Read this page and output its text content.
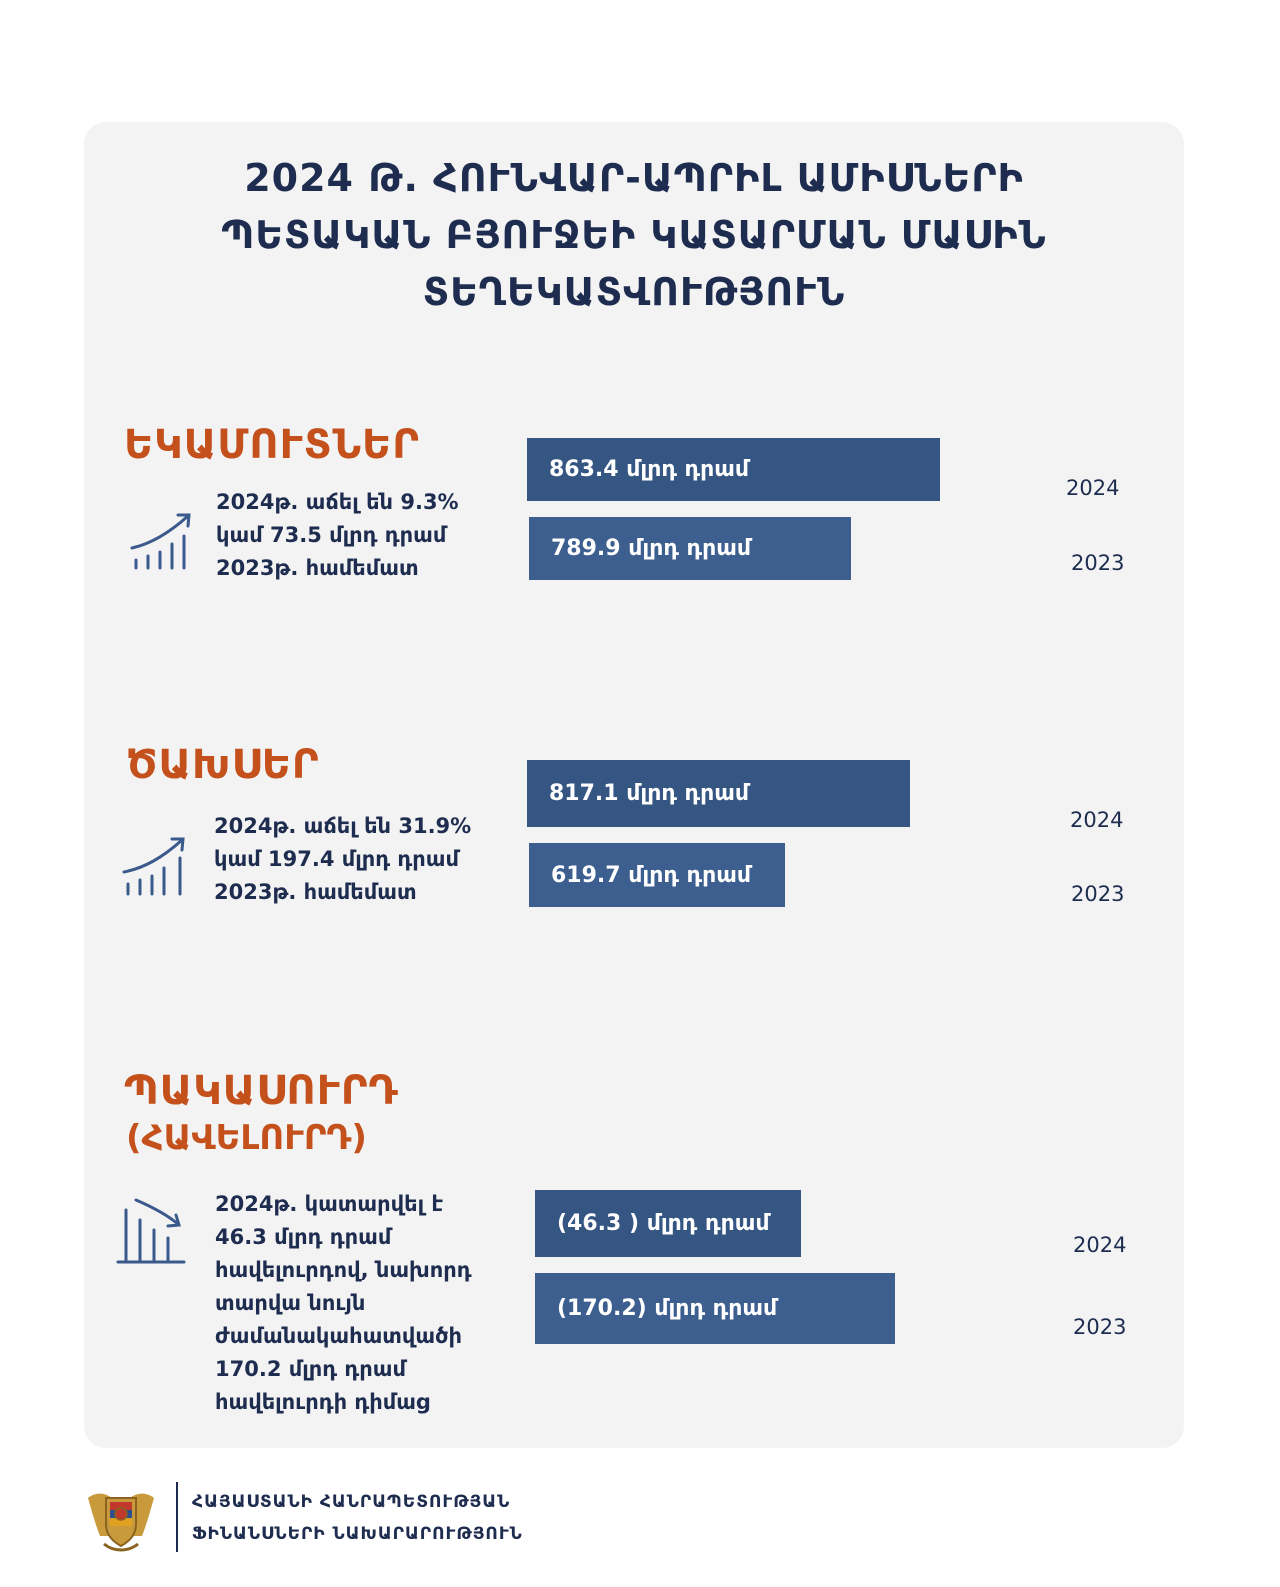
2024 Թ. ՀՈՒՆՎԱՐ-ԱՊՐԻԼ ԱՄԻՍՆԵՐԻ
ՊԵՏԱԿԱՆ ԲՅՈՒՋԵԻ ԿԱՏԱՐՄԱՆ ՄԱՍԻՆ
ՏԵՂԵԿԱՏՎՈՒԹՅՈՒՆ
ԵԿԱՄՈՒՏՆԵՐ
2024թ. աճել են 9.3%
կամ 73.5 մլրդ դրամ
2023թ. համեմատ
863.4 մլրդ դրամ
789.9 մլրդ դրամ
2024
2023
ԾԱԽՍԵՐ
2024թ. աճել են 31.9%
կամ 197.4 մլրդ դրամ
2023թ. համեմատ
817.1 մլրդ դրամ
619.7 մլրդ դրամ
2024
2023
ՊԱԿԱՍՈՒՐԴ
(ՀԱՎԵԼՈՒՐԴ)
2024թ. կատարվել է
46.3 մլրդ դրամ
հավելուրդով, նախորդ
տարվա նույն
ժամանակահատվածի
170.2 մլրդ դրամ
հավելուրդի դիմաց
(46.3 ) մլրդ դրամ
(170.2) մլրդ դրամ
2024
2023
ՀԱՅԱՍՏԱՆԻ ՀԱՆՐԱՊԵՏՈՒԹՅԱՆ
ՖԻՆԱՆՍՆԵՐԻ ՆԱԽԱՐԱՐՈՒԹՅՈՒՆ
